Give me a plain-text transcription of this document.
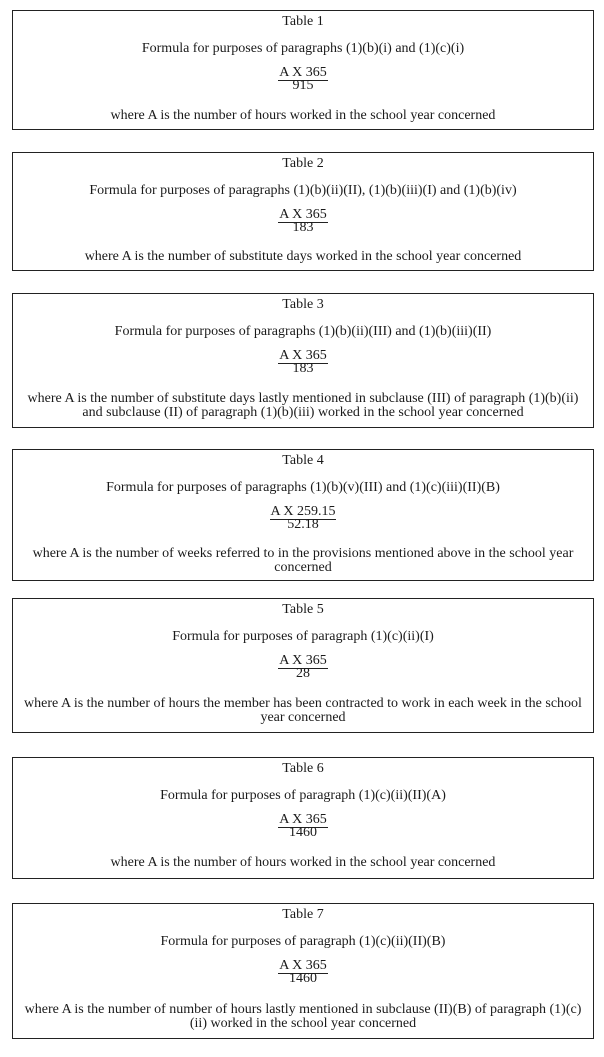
Table 1
Formula for purposes of paragraphs (1)(b)(i) and (1)(c)(i)
$\frac{\text{A X 365}}{915}$
where A is the number of hours worked in the school year concerned
Table 2
Formula for purposes of paragraphs (1)(b)(ii)(II), (1)(b)(iii)(I) and (1)(b)(iv)
$\frac{\text{A X 365}}{183}$
where A is the number of substitute days worked in the school year concerned
Table 3
Formula for purposes of paragraphs (1)(b)(ii)(III) and (1)(b)(iii)(II)
$\frac{\text{A X 365}}{183}$
where A is the number of substitute days lastly mentioned in subclause (III) of paragraph (1)(b)(ii) and subclause (II) of paragraph (1)(b)(iii) worked in the school year concerned
Table 4
Formula for purposes of paragraphs (1)(b)(v)(III) and (1)(c)(iii)(II)(B)
$\frac{\text{A X 259.15}}{52.18}$
where A is the number of weeks referred to in the provisions mentioned above in the school year concerned
Table 5
Formula for purposes of paragraph (1)(c)(ii)(I)
$\frac{\text{A X 365}}{28}$
where A is the number of hours the member has been contracted to work in each week in the school year concerned
Table 6
Formula for purposes of paragraph (1)(c)(ii)(II)(A)
$\frac{\text{A X 365}}{1460}$
where A is the number of hours worked in the school year concerned
Table 7
Formula for purposes of paragraph (1)(c)(ii)(II)(B)
$\frac{\text{A X 365}}{1460}$
where A is the number of number of hours lastly mentioned in subclause (II)(B) of paragraph (1)(c)(ii) worked in the school year concerned
